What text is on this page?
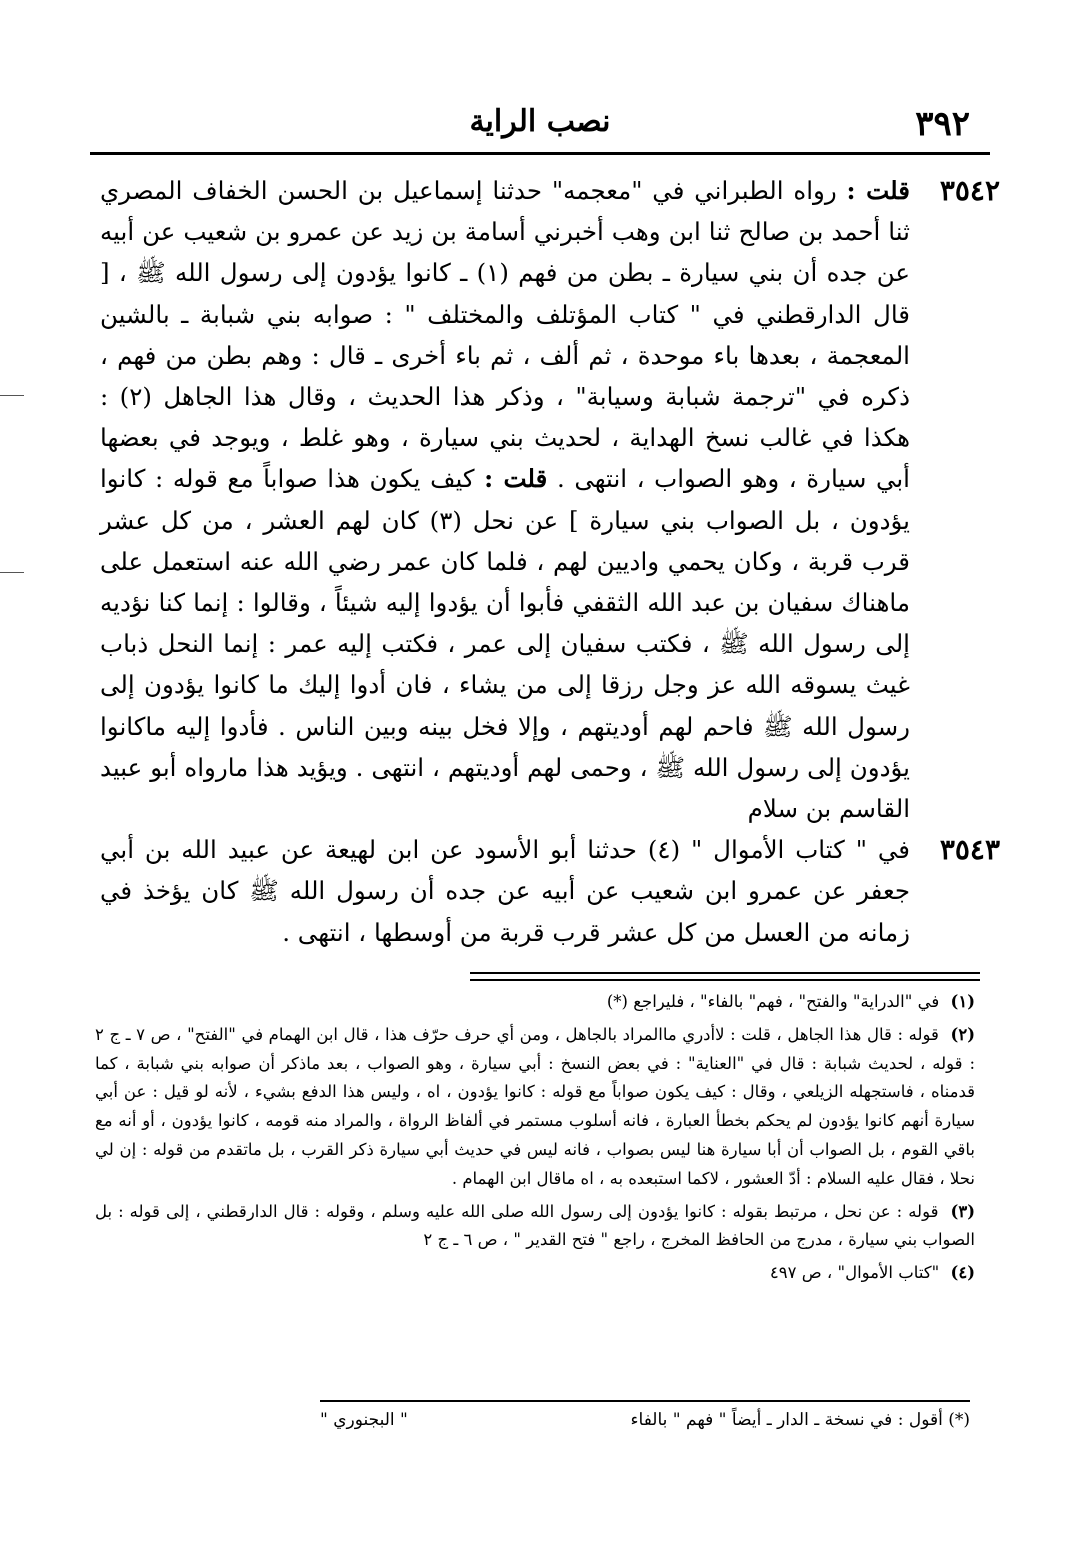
٣٩٢
نصب الراية

٣٥٤٢
قلت : رواه الطبراني في "معجمه" حدثنا إسماعيل بن الحسن الخفاف المصري ثنا أحمد بن صالح ثنا ابن وهب أخبرني أسامة بن زيد عن عمرو بن شعيب عن أبيه عن جده أن بني سيارة ـ بطن من فهم (١) ـ كانوا يؤدون إلى رسول الله ﷺ ، [ قال الدارقطني في " كتاب المؤتلف والمختلف " : صوابه بني شبابة ـ بالشين المعجمة ، بعدها باء موحدة ، ثم ألف ، ثم باء أخرى ـ قال : وهم بطن من فهم ، ذكره في "ترجمة شبابة وسيابة" ، وذكر هذا الحديث ، وقال هذا الجاهل (٢) : هكذا في غالب نسخ الهداية ، لحديث بني سيارة ، وهو غلط ، ويوجد في بعضها أبي سيارة ، وهو الصواب ، انتهى . قلت : كيف يكون هذا صواباً مع قوله : كانوا يؤدون ، بل الصواب بني سيارة ] عن نحل (٣) كان لهم العشر ، من كل عشر قرب قربة ، وكان يحمي واديين لهم ، فلما كان عمر رضي الله عنه استعمل على ماهناك سفيان بن عبد الله الثقفي فأبوا أن يؤدوا إليه شيئاً ، وقالوا : إنما كنا نؤديه إلى رسول الله ﷺ ، فكتب سفيان إلى عمر ، فكتب إليه عمر : إنما النحل ذباب غيث يسوقه الله عز وجل رزقا إلى من يشاء ، فان أدوا إليك ما كانوا يؤدون إلى رسول الله ﷺ فاحم لهم أوديتهم ، وإلا فخل بينه وبين الناس . فأدوا إليه ماكانوا يؤدون إلى رسول الله ﷺ ، وحمى لهم أوديتهم ، انتهى . ويؤيد هذا مارواه أبو عبيد القاسم بن سلام

٣٥٤٣
في " كتاب الأموال " (٤) حدثنا أبو الأسود عن ابن لهيعة عن عبيد الله بن أبي جعفر عن عمرو ابن شعيب عن أبيه عن جده أن رسول الله ﷺ كان يؤخذ في زمانه من العسل من كل عشر قرب قربة من أوسطها ، انتهى .

(١) في "الدراية" والفتح" ، فهم" بالفاء" ، فليراجع (*)

(٢) قوله : قال هذا الجاهل ، قلت : لاأدري ماالمراد بالجاهل ، ومن أي حرف حرّف هذا ، قال ابن الهمام في "الفتح" ، ص ٧ ـ ج ٢ : قوله ، لحديث شبابة : قال في "العناية" : في بعض النسخ : أبي سيارة ، وهو الصواب ، بعد ماذكر أن صوابه بني شبابة ، كما قدمناه ، فاستجهله الزيلعي ، وقال : كيف يكون صواباً مع قوله : كانوا يؤدون ، اه ، وليس هذا الدفع بشيء ، لأنه لو قيل : عن أبي سيارة أنهم كانوا يؤدون لم يحكم بخطأ العبارة ، فانه أسلوب مستمر في ألفاظ الرواة ، والمراد منه قومه ، كانوا يؤدون ، أو أنه مع باقي القوم ، بل الصواب أن أبا سيارة هنا ليس بصواب ، فانه ليس في حديث أبي سيارة ذكر القرب ، بل ماتقدم من قوله : إن لي نحلا ، فقال عليه السلام : أدّ العشور ، لاكما استبعده به ، اه ماقال ابن الهمام .

(٣) قوله : عن نحل ، مرتبط بقوله : كانوا يؤدون إلى رسول الله صلى الله عليه وسلم ، وقوله : قال الدارقطني ، إلى قوله : بل الصواب بني سيارة ، مدرج من الحافظ المخرج ، راجع " فتح القدير " ، ص ٦ ـ ج ٢

(٤) "كتاب الأموال" ، ص ٤٩٧

(*) أقول : في نسخة ـ الدار ـ أيضاً " فهم " بالفاء
" البجنوري "
